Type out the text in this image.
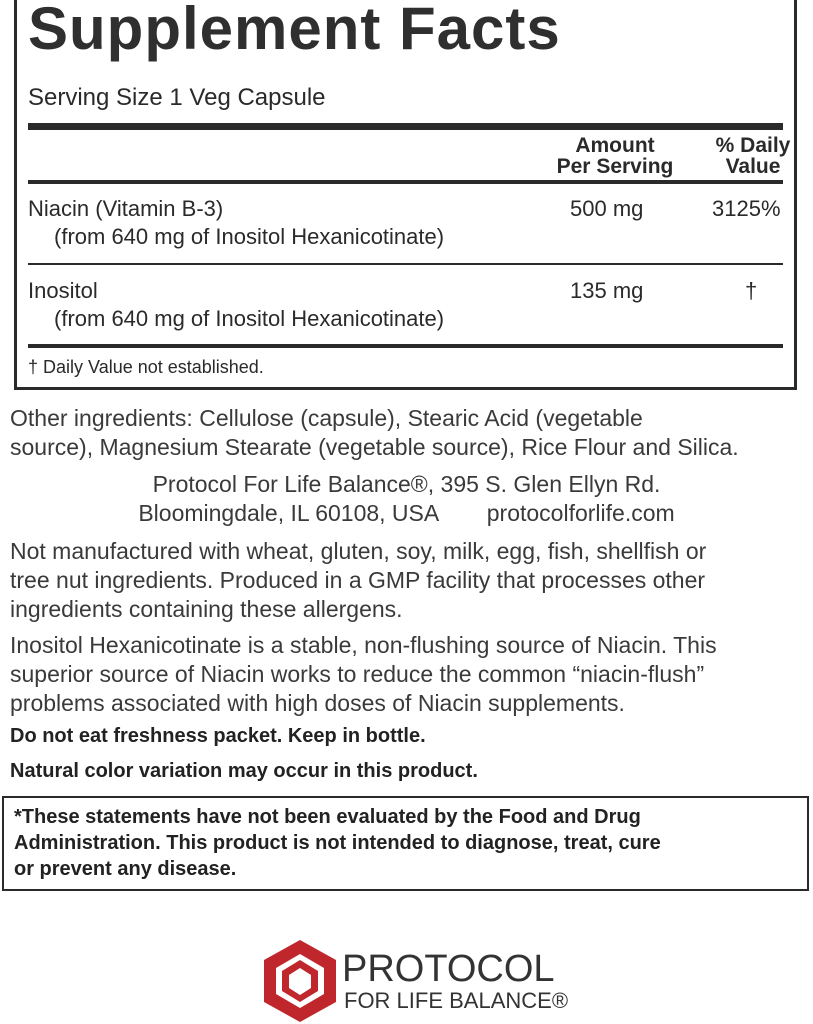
Supplement Facts
Serving Size 1 Veg Capsule
Amount
Per Serving
% Daily
Value
Niacin (Vitamin B-3)
(from 640 mg of Inositol Hexanicotinate)
500 mg	3125%
Inositol
(from 640 mg of Inositol Hexanicotinate)
135 mg	†
† Daily Value not established.
Other ingredients: Cellulose (capsule), Stearic Acid (vegetable
source), Magnesium Stearate (vegetable source), Rice Flour and Silica.
Protocol For Life Balance®, 395 S. Glen Ellyn Rd.
Bloomingdale, IL 60108, USA protocolforlife.com
Not manufactured with wheat, gluten, soy, milk, egg, fish, shellfish or
tree nut ingredients. Produced in a GMP facility that processes other
ingredients containing these allergens.
Inositol Hexanicotinate is a stable, non-flushing source of Niacin. This
superior source of Niacin works to reduce the common “niacin-flush”
problems associated with high doses of Niacin supplements.
Do not eat freshness packet. Keep in bottle.
Natural color variation may occur in this product.
*These statements have not been evaluated by the Food and Drug
Administration. This product is not intended to diagnose, treat, cure
or prevent any disease.
PROTOCOL
FOR LIFE BALANCE®
